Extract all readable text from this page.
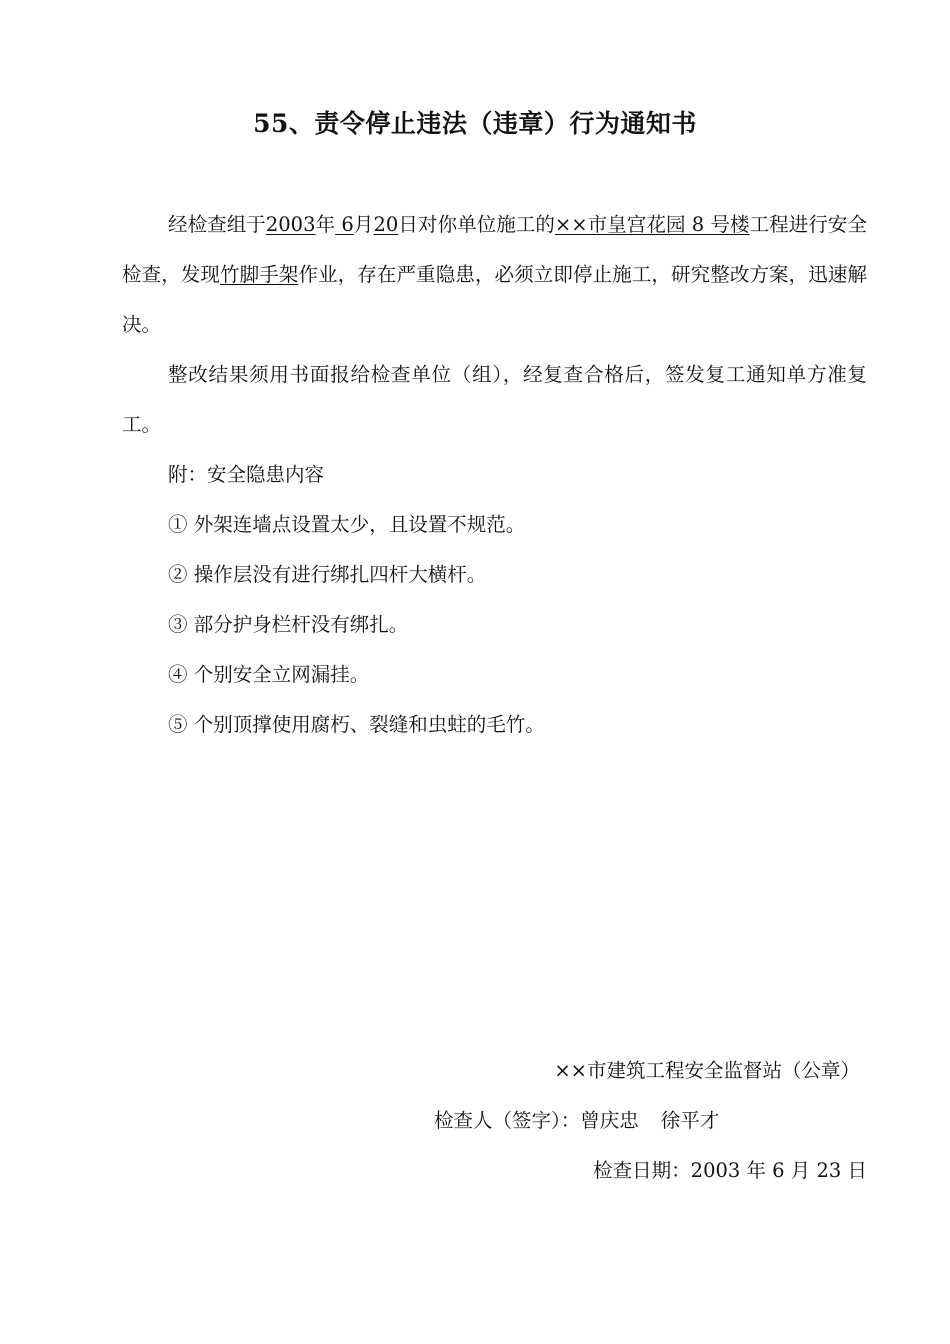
55、责令停止违法（违章）行为通知书

经检查组于2003年 6月20日对你单位施工的××市皇宫花园 8 号楼工程进行安全检查，发现竹脚手架作业，存在严重隐患，必须立即停止施工，研究整改方案，迅速解决。

整改结果须用书面报给检查单位（组），经复查合格后，签发复工通知单方准复工。

附：安全隐患内容

① 外架连墙点设置太少，且设置不规范。
② 操作层没有进行绑扎四杆大横杆。
③ 部分护身栏杆没有绑扎。
④ 个别安全立网漏挂。
⑤ 个别顶撑使用腐朽、裂缝和虫蛀的毛竹。
××市建筑工程安全监督站（公章）
检查人（签字）：曾庆忠 徐平才
检查日期：2003 年 6 月 23 日
